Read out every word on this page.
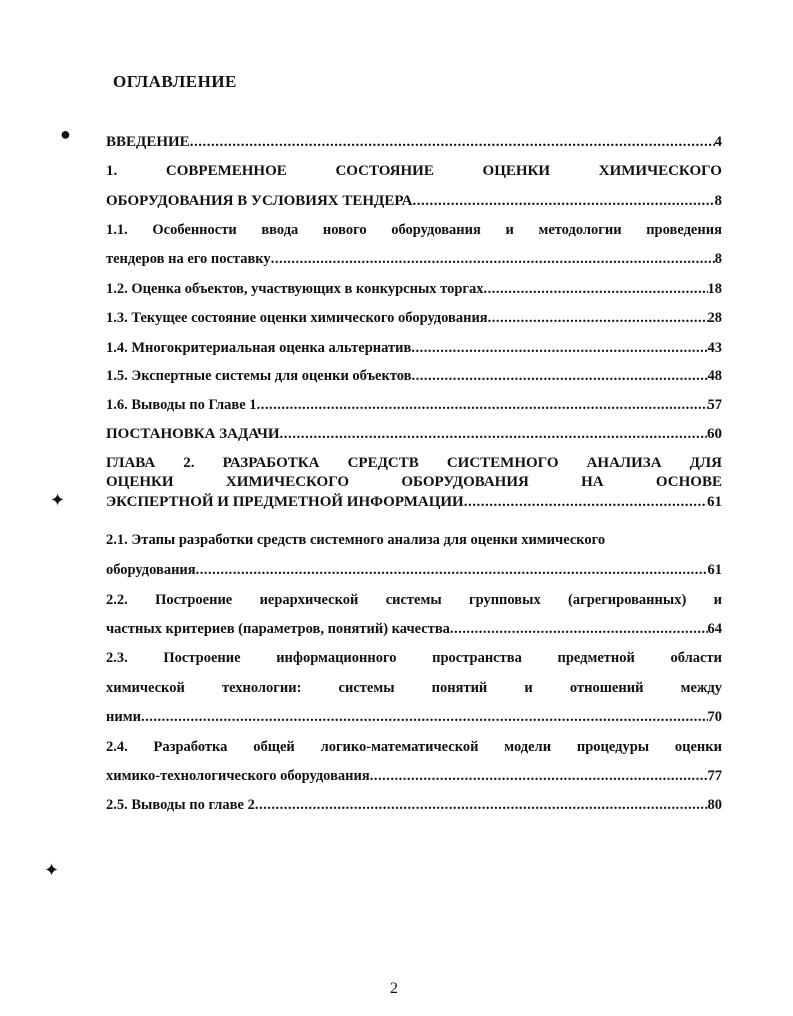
ОГЛАВЛЕНИЕ
●
✦
✦
ВВЕДЕНИЕ .....	4
1.	СОВРЕМЕННОЕ	СОСТОЯНИЕ	ОЦЕНКИ	ХИМИЧЕСКОГО
ОБОРУДОВАНИЯ В УСЛОВИЯХ ТЕНДЕРА .....	8
1.1. Особенности ввода нового оборудования и методологии проведения
тендеров на его поставку .....	8
1.2. Оценка объектов, участвующих в конкурсных торгах .....	18
1.3. Текущее состояние оценки химического оборудования .....	28
1.4. Многокритериальная оценка альтернатив .....	43
1.5. Экспертные системы для оценки объектов .....	48
1.6. Выводы по Главе 1 .....	57
ПОСТАНОВКА ЗАДАЧИ .....	60
ГЛАВА 2. РАЗРАБОТКА СРЕДСТВ СИСТЕМНОГО АНАЛИЗА ДЛЯ
ОЦЕНКИ	ХИМИЧЕСКОГО	ОБОРУДОВАНИЯ	НА	ОСНОВЕ
ЭКСПЕРТНОЙ И ПРЕДМЕТНОЙ ИНФОРМАЦИИ .....	61
2.1. Этапы разработки средств системного анализа для оценки химического
оборудования .....	61
2.2. Построение иерархической системы групповых (агрегированных) и
частных критериев (параметров, понятий) качества .....	64
2.3. Построение информационного пространства предметной области
химической	технологии:	системы	понятий	и	отношений	между
ними .....	70
2.4. Разработка общей логико-математической модели процедуры оценки
химико-технологического оборудования .....	77
2.5. Выводы по главе 2 .....	80
2
